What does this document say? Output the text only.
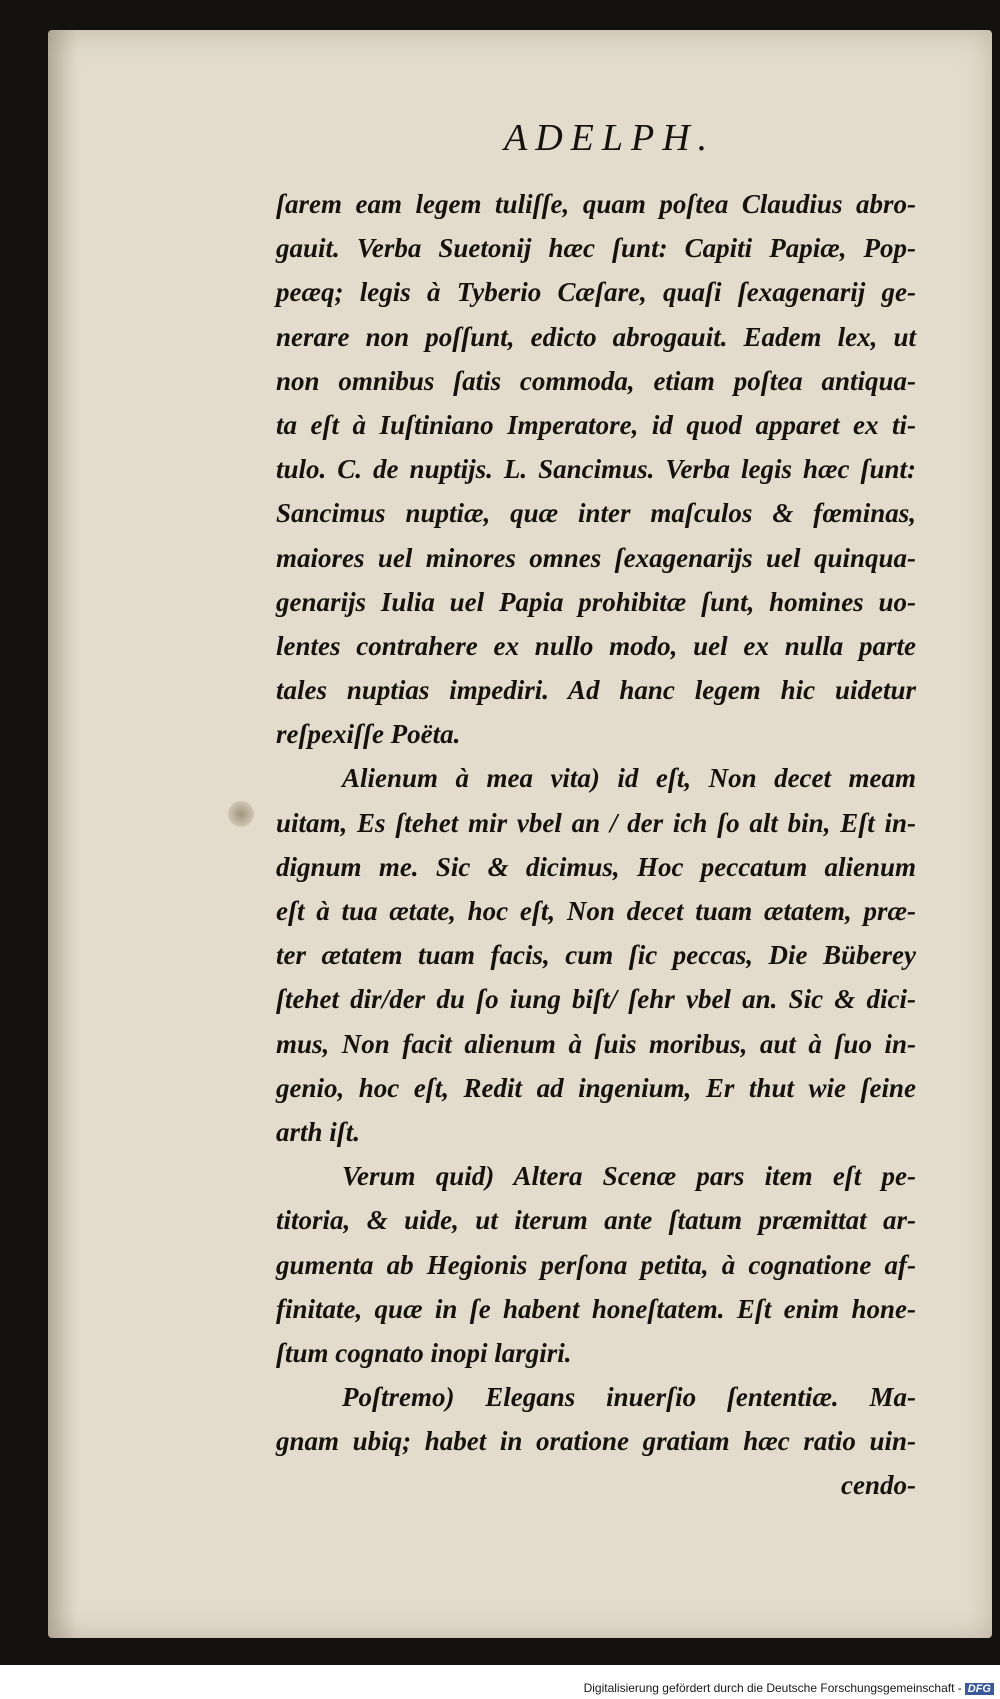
ADELPH.
ſarem eam legem tuliſſe, quam poſtea Claudius abro-
gauit. Verba Suetonij hæc ſunt: Capiti Papiæ, Pop-
peæq; legis à Tyberio Cæſare, quaſi ſexagenarij ge-
nerare non poſſunt, edicto abrogauit. Eadem lex, ut
non omnibus ſatis commoda, etiam poſtea antiqua-
ta eſt à Iuſtiniano Imperatore, id quod apparet ex ti-
tulo. C. de nuptijs. L. Sancimus. Verba legis hæc ſunt:
Sancimus nuptiæ, quæ inter maſculos & fœminas,
maiores uel minores omnes ſexagenarijs uel quinqua-
genarijs Iulia uel Papia prohibitæ ſunt, homines uo-
lentes contrahere ex nullo modo, uel ex nulla parte
tales nuptias impediri. Ad hanc legem hic uidetur
reſpexiſſe Poëta.
Alienum à mea vita) id eſt, Non decet meam
uitam, Es ſtehet mir vbel an / der ich ſo alt bin, Eſt in-
dignum me. Sic & dicimus, Hoc peccatum alienum
eſt à tua ætate, hoc eſt, Non decet tuam ætatem, præ-
ter ætatem tuam facis, cum ſic peccas, Die Büberey
ſtehet dir/der du ſo iung biſt/ ſehr vbel an. Sic & dici-
mus, Non facit alienum à ſuis moribus, aut à ſuo in-
genio, hoc eſt, Redit ad ingenium, Er thut wie ſeine
arth iſt.
Verum quid) Altera Scenæ pars item eſt pe-
titoria, & uide, ut iterum ante ſtatum præmittat ar-
gumenta ab Hegionis perſona petita, à cognatione af-
finitate, quæ in ſe habent honeſtatem. Eſt enim hone-
ſtum cognato inopi largiri.
Poſtremo) Elegans inuerſio ſententiæ. Ma-
gnam ubiq; habet in oratione gratiam hæc ratio uin-
cendo-
Digitalisierung gefördert durch die Deutsche Forschungsgemeinschaft - DFG
